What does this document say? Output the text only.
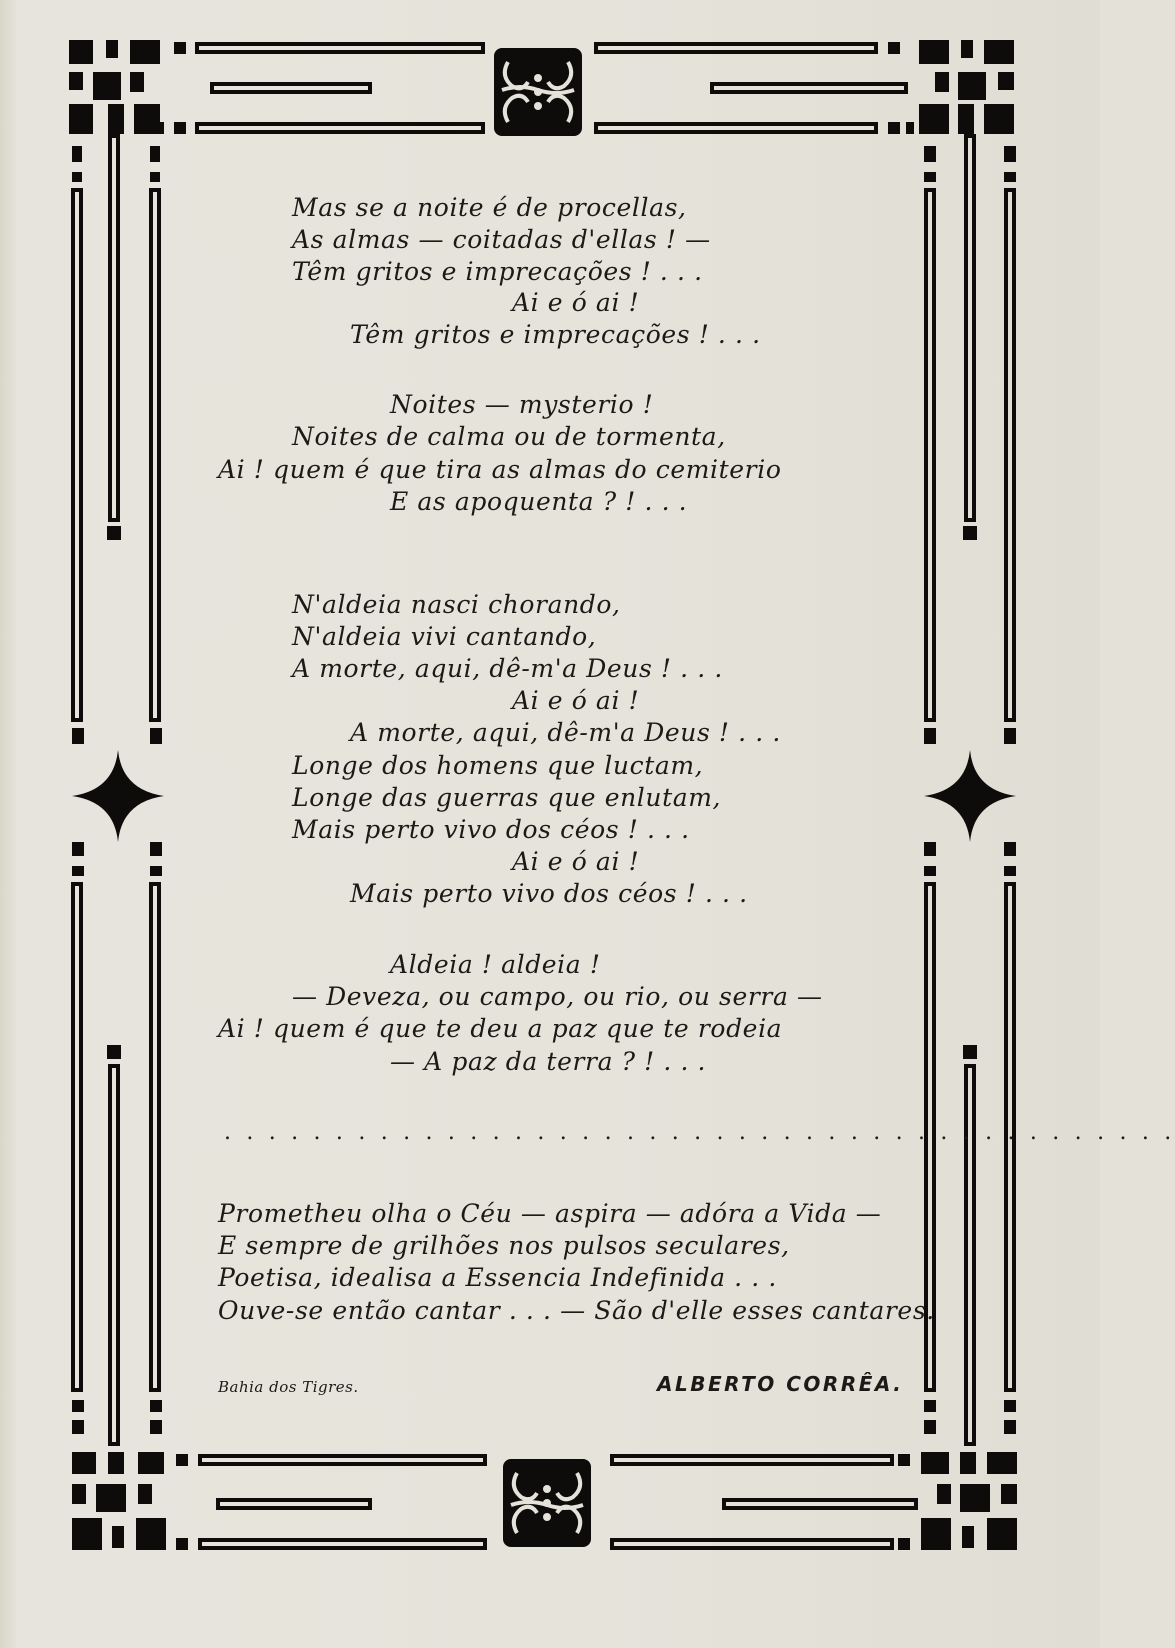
Mas se a noite é de procellas,
As almas — coitadas d'ellas ! —
Têm gritos e imprecações ! . . .
Ai e ó ai !
Têm gritos e imprecações ! . . .
Noites — mysterio !
Noites de calma ou de tormenta,
Ai ! quem é que tira as almas do cemiterio
E as apoquenta ? ! . . .
N'aldeia nasci chorando,
N'aldeia vivi cantando,
A morte, aqui, dê-m'a Deus ! . . .
Ai e ó ai !
A morte, aqui, dê-m'a Deus ! . . .
Longe dos homens que luctam,
Longe das guerras que enlutam,
Mais perto vivo dos céos ! . . .
Ai e ó ai !
Mais perto vivo dos céos ! . . .
Aldeia ! aldeia !
— Deveza, ou campo, ou rio, ou serra —
Ai ! quem é que te deu a paz que te rodeia
— A paz da terra ? ! . . .
. . . . . . . . . . . . . . . . . . . . . . . . . . . . . . . . . . . . . . . . . . .
Prometheu olha o Céu — aspira — adóra a Vida —
E sempre de grilhões nos pulsos seculares,
Poetisa, idealisa a Essencia Indefinida . . .
Ouve-se então cantar . . . — São d'elle esses cantares.
Bahia dos Tigres.	ALBERTO CORRÊA.
